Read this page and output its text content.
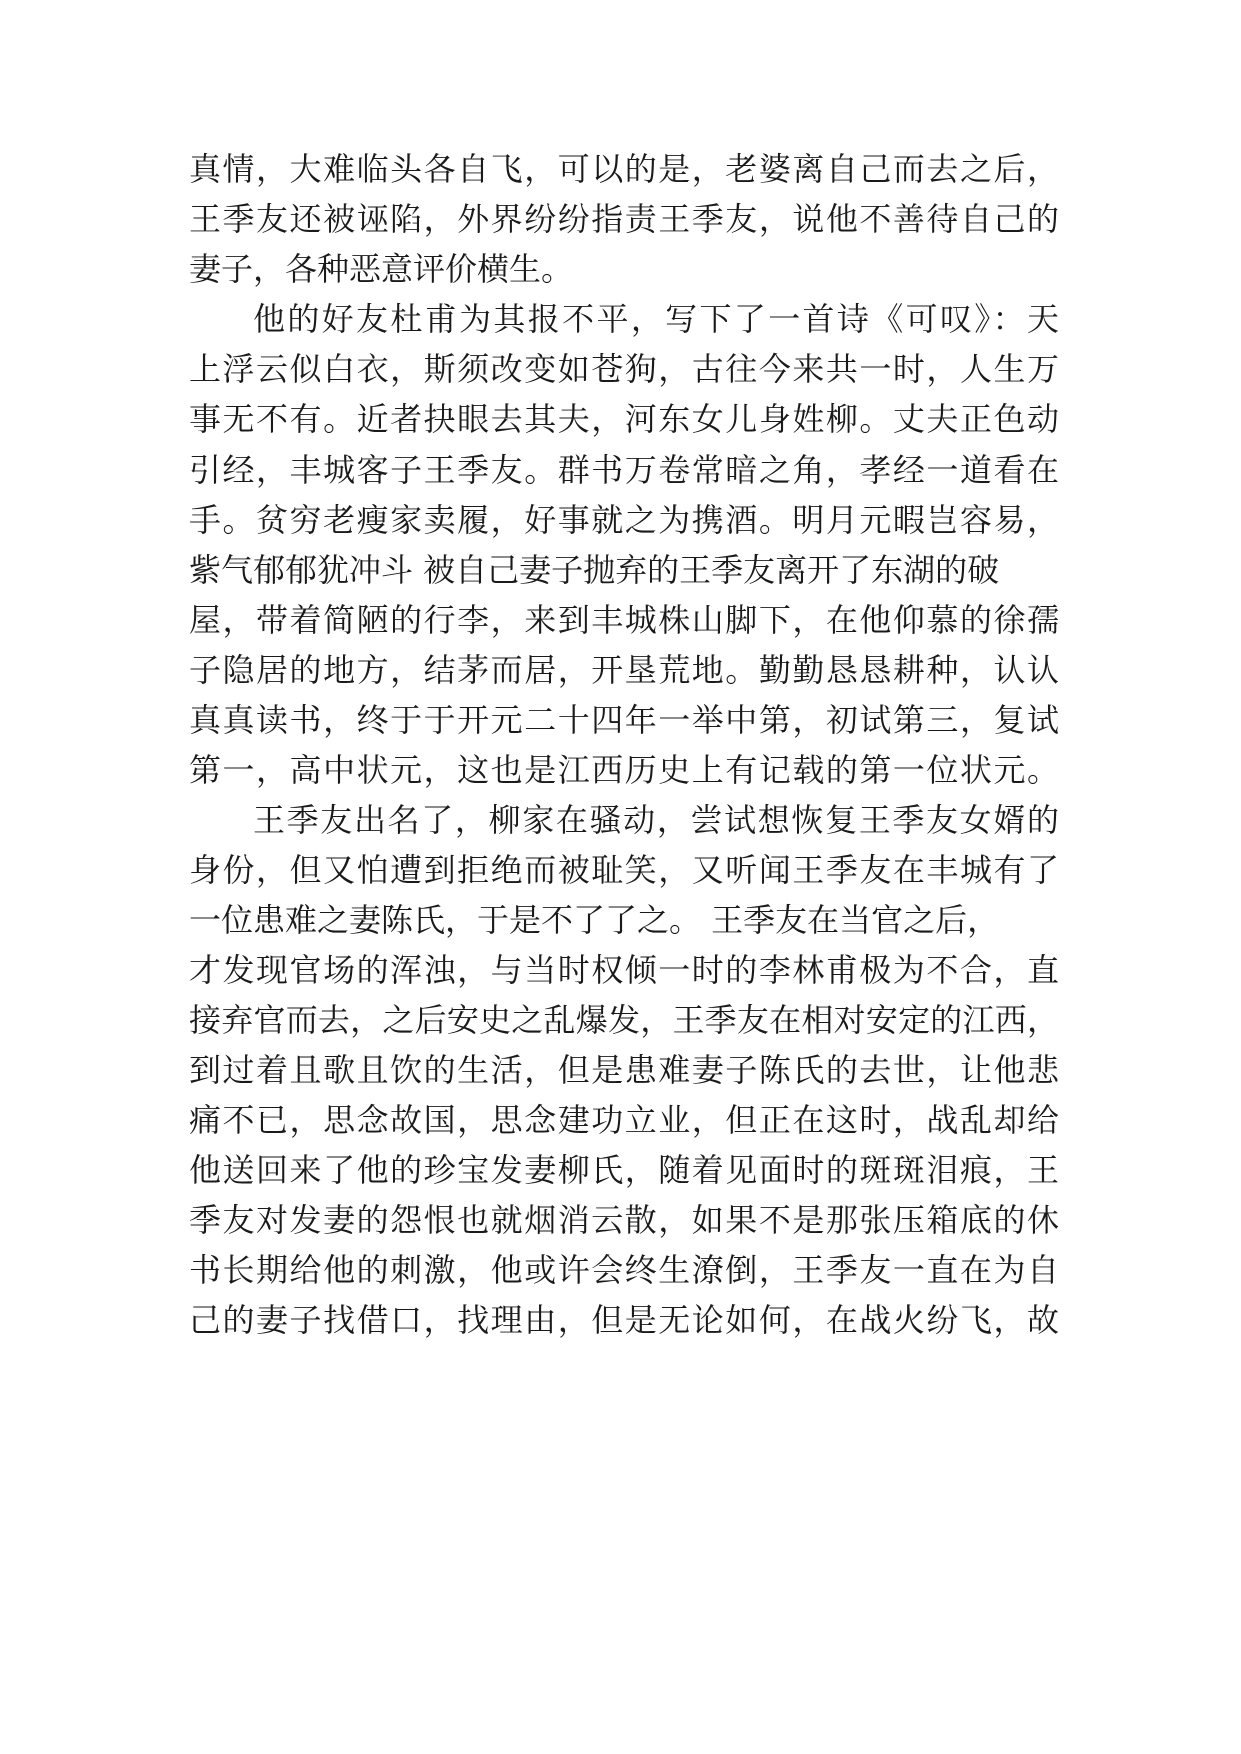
真情，大难临头各自飞，可以的是，老婆离自己而去之后，
王季友还被诬陷，外界纷纷指责王季友，说他不善待自己的
妻子，各种恶意评价横生。
他的好友杜甫为其报不平，写下了一首诗《可叹》：天
上浮云似白衣，斯须改变如苍狗，古往今来共一时，人生万
事无不有。近者抉眼去其夫，河东女儿身姓柳。丈夫正色动
引经，丰城客子王季友。群书万卷常暗之角，孝经一道看在
手。贫穷老瘦家卖履，好事就之为携酒。明月元暇岂容易，
紫气郁郁犹冲斗 被自己妻子抛弃的王季友离开了东湖的破
屋，带着简陋的行李，来到丰城株山脚下，在他仰慕的徐孺
子隐居的地方，结茅而居，开垦荒地。勤勤恳恳耕种，认认
真真读书，终于于开元二十四年一举中第，初试第三，复试
第一，高中状元，这也是江西历史上有记载的第一位状元。
王季友出名了，柳家在骚动，尝试想恢复王季友女婿的
身份，但又怕遭到拒绝而被耻笑，又听闻王季友在丰城有了
一位患难之妻陈氏，于是不了了之。 王季友在当官之后，
才发现官场的浑浊，与当时权倾一时的李林甫极为不合，直
接弃官而去，之后安史之乱爆发，王季友在相对安定的江西，
到过着且歌且饮的生活，但是患难妻子陈氏的去世，让他悲
痛不已，思念故国，思念建功立业，但正在这时，战乱却给
他送回来了他的珍宝发妻柳氏，随着见面时的斑斑泪痕，王
季友对发妻的怨恨也就烟消云散，如果不是那张压箱底的休
书长期给他的刺激，他或许会终生潦倒，王季友一直在为自
己的妻子找借口，找理由，但是无论如何，在战火纷飞，故
